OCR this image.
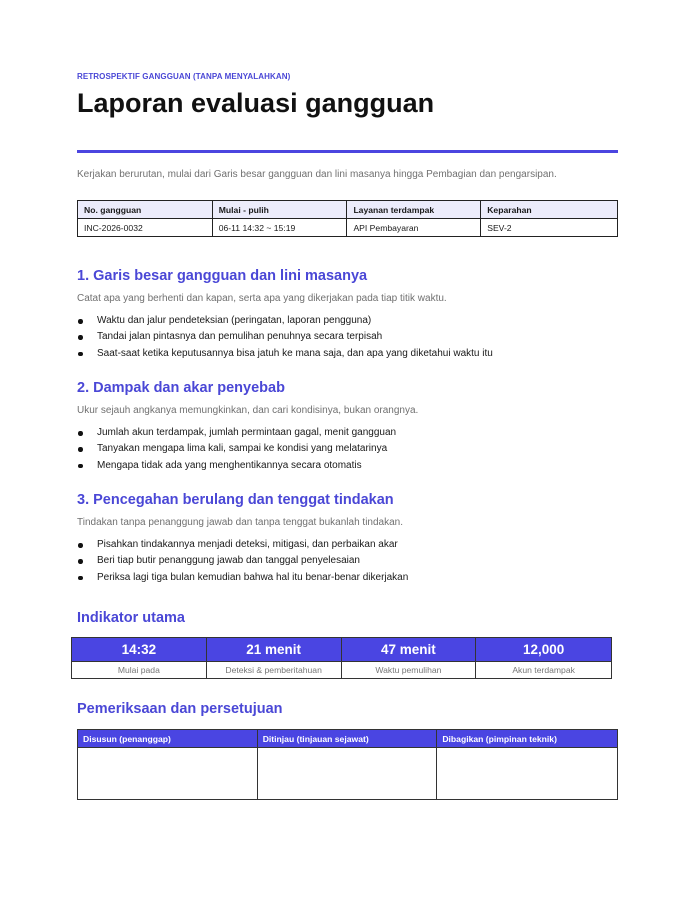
RETROSPEKTIF GANGGUAN (TANPA MENYALAHKAN)
Laporan evaluasi gangguan
Kerjakan berurutan, mulai dari Garis besar gangguan dan lini masanya hingga Pembagian dan pengarsipan.
No. gangguan	Mulai - pulih	Layanan terdampak	Keparahan
INC-2026-0032	06-11 14:32 ~ 15:19	API Pembayaran	SEV-2
1. Garis besar gangguan dan lini masanya
Catat apa yang berhenti dan kapan, serta apa yang dikerjakan pada tiap titik waktu.
Waktu dan jalur pendeteksian (peringatan, laporan pengguna)
Tandai jalan pintasnya dan pemulihan penuhnya secara terpisah
Saat-saat ketika keputusannya bisa jatuh ke mana saja, dan apa yang diketahui waktu itu
2. Dampak dan akar penyebab
Ukur sejauh angkanya memungkinkan, dan cari kondisinya, bukan orangnya.
Jumlah akun terdampak, jumlah permintaan gagal, menit gangguan
Tanyakan mengapa lima kali, sampai ke kondisi yang melatarinya
Mengapa tidak ada yang menghentikannya secara otomatis
3. Pencegahan berulang dan tenggat tindakan
Tindakan tanpa penanggung jawab dan tanpa tenggat bukanlah tindakan.
Pisahkan tindakannya menjadi deteksi, mitigasi, dan perbaikan akar
Beri tiap butir penanggung jawab dan tanggal penyelesaian
Periksa lagi tiga bulan kemudian bahwa hal itu benar-benar dikerjakan
Indikator utama
14:32	21 menit	47 menit	12,000
Mulai pada	Deteksi & pemberitahuan	Waktu pemulihan	Akun terdampak
Pemeriksaan dan persetujuan
Disusun (penanggap)	Ditinjau (tinjauan sejawat)	Dibagikan (pimpinan teknik)
